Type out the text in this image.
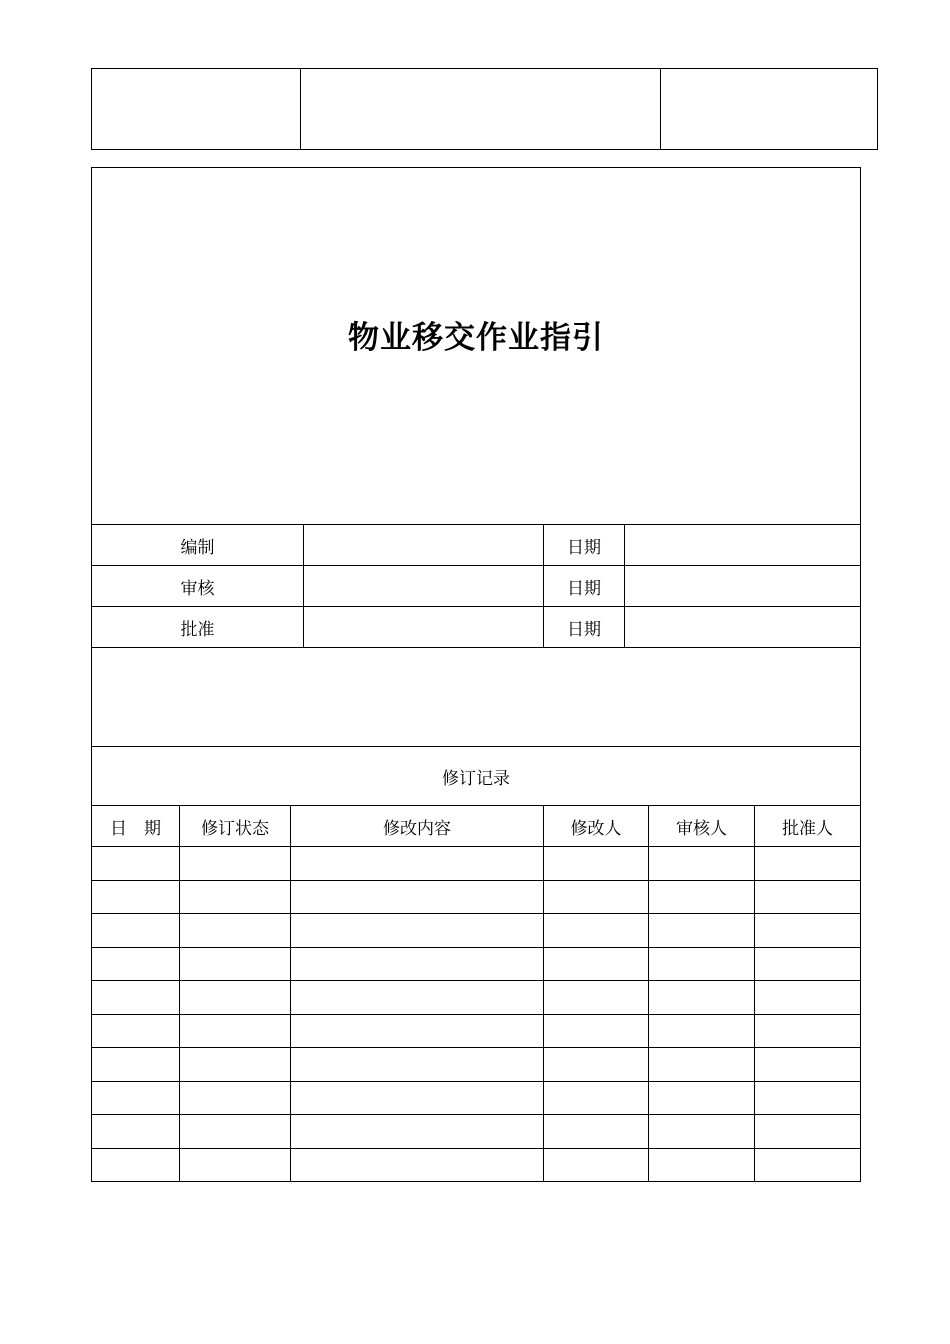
物业移交作业指引							
编制				日期			
审核				日期			
批准				日期			

修订记录							
日　期	修订状态	修改内容		修改人		审核人	批准人
